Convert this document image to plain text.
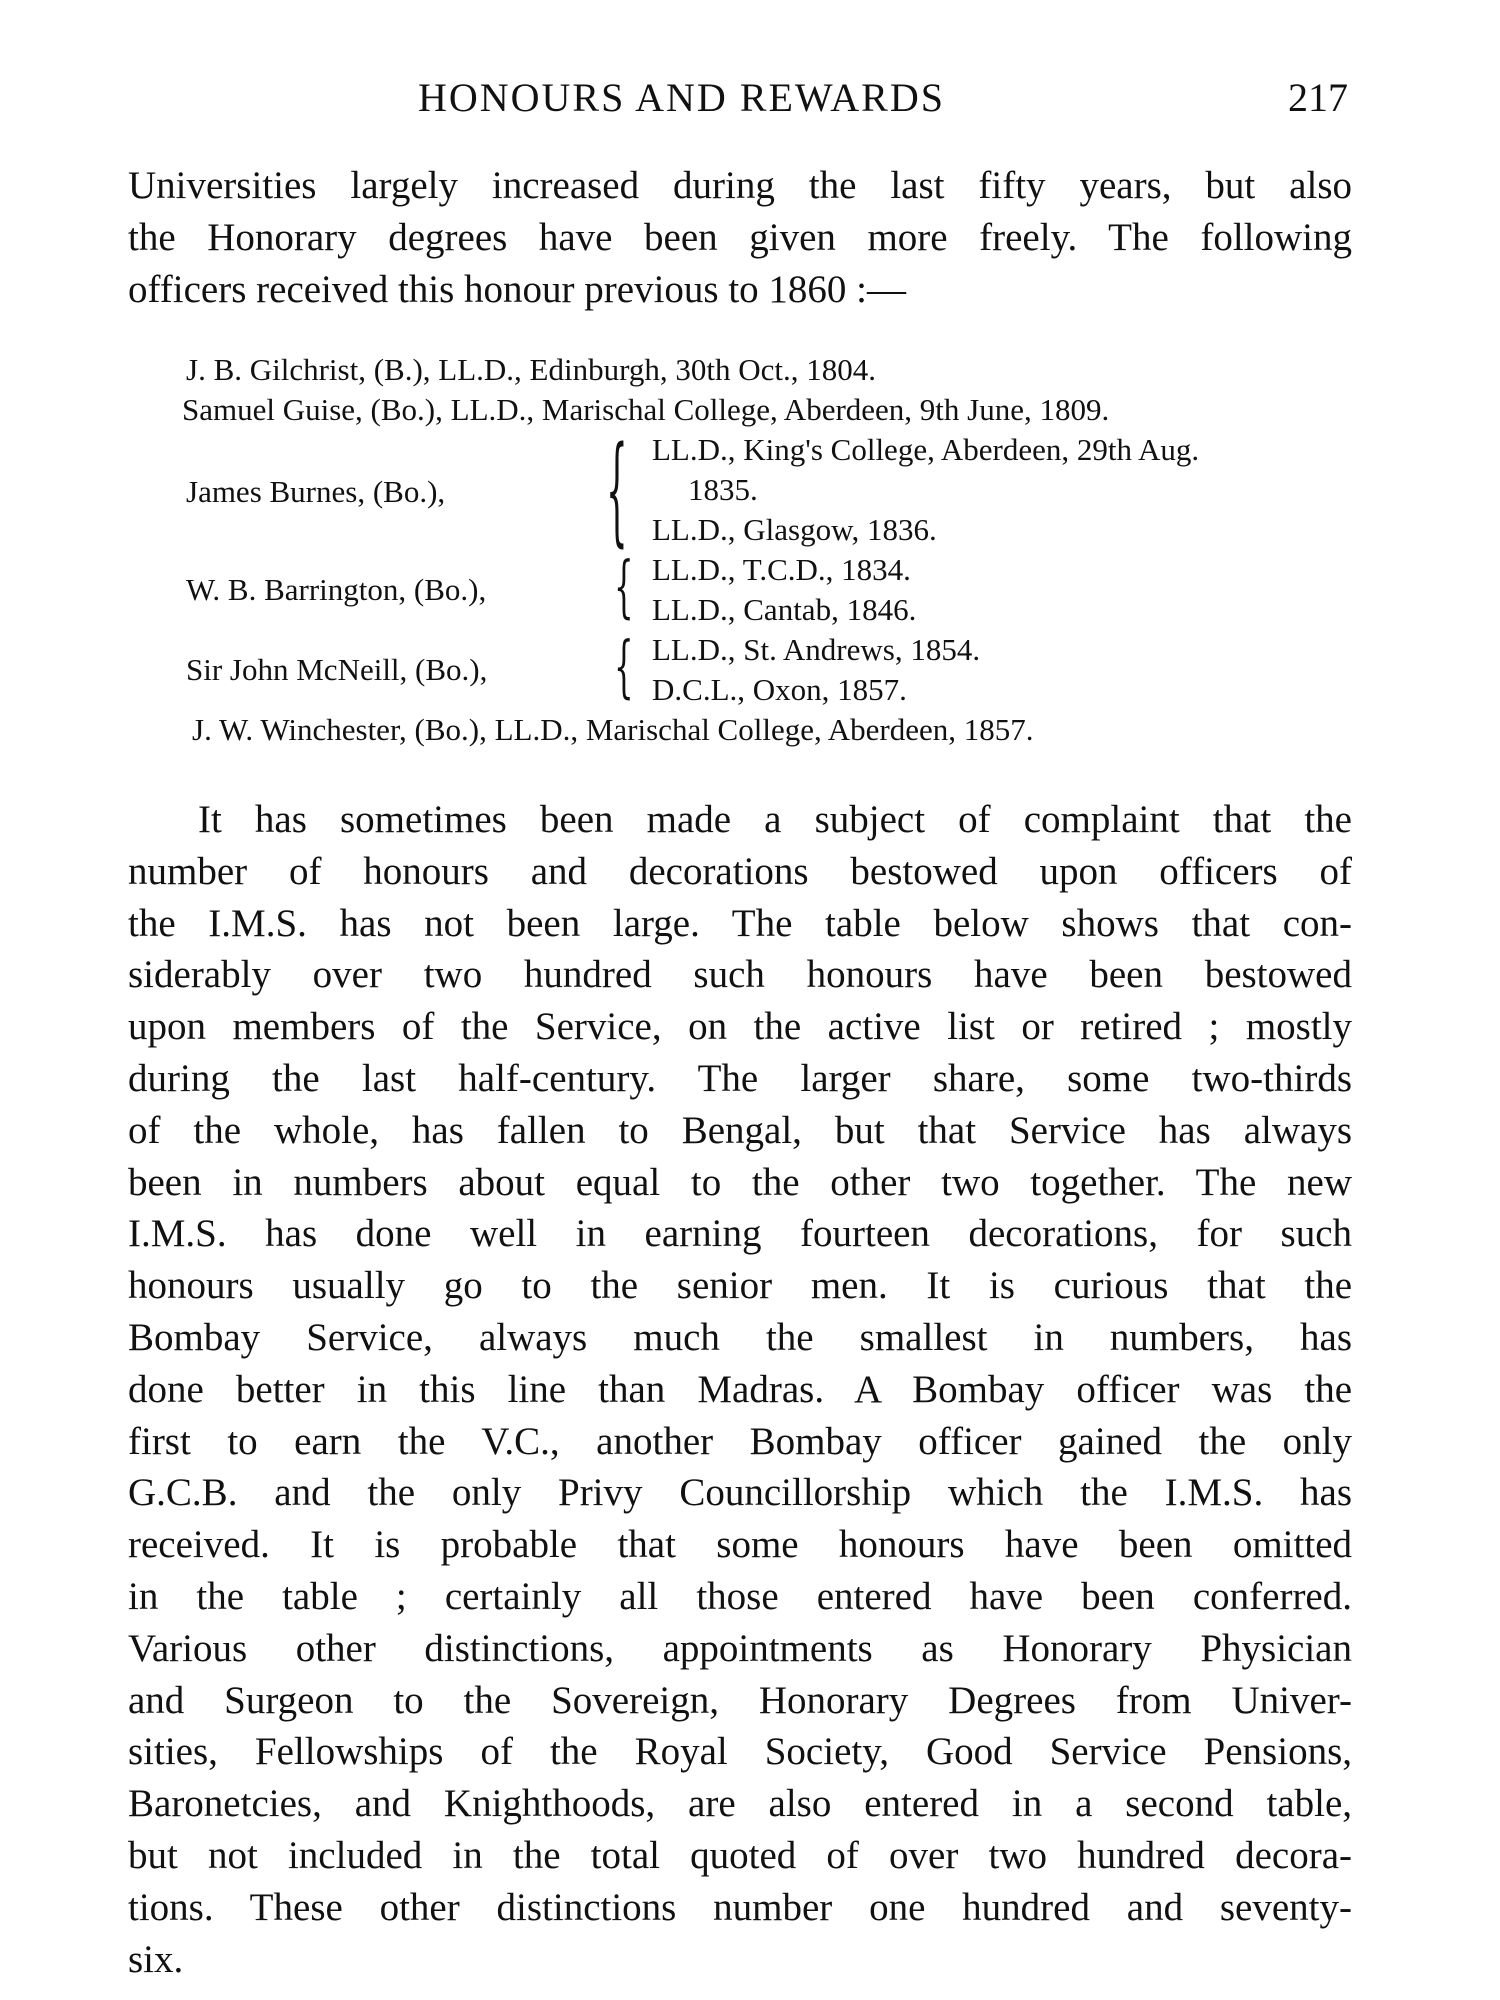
HONOURS AND REWARDS	217
Universities largely increased during the last fifty years, but also
the Honorary degrees have been given more freely. The following
officers received this honour previous to 1860 :—
J. B. Gilchrist, (B.), LL.D., Edinburgh, 30th Oct., 1804.
Samuel Guise, (Bo.), LL.D., Marischal College, Aberdeen, 9th June, 1809.
James Burnes, (Bo.),	{ LL.D., King's College, Aberdeen, 29th Aug.
1835.
LL.D., Glasgow, 1836.
W. B. Barrington, (Bo.), { LL.D., T.C.D., 1834.
LL.D., Cantab, 1846.
Sir John McNeill, (Bo.), { LL.D., St. Andrews, 1854.
D.C.L., Oxon, 1857.
J. W. Winchester, (Bo.), LL.D., Marischal College, Aberdeen, 1857.
It has sometimes been made a subject of complaint that the
number of honours and decorations bestowed upon officers of
the I.M.S. has not been large. The table below shows that con-
siderably over two hundred such honours have been bestowed
upon members of the Service, on the active list or retired ; mostly
during the last half-century. The larger share, some two-thirds
of the whole, has fallen to Bengal, but that Service has always
been in numbers about equal to the other two together. The new
I.M.S. has done well in earning fourteen decorations, for such
honours usually go to the senior men. It is curious that the
Bombay Service, always much the smallest in numbers, has
done better in this line than Madras. A Bombay officer was the
first to earn the V.C., another Bombay officer gained the only
G.C.B. and the only Privy Councillorship which the I.M.S. has
received. It is probable that some honours have been omitted
in the table ; certainly all those entered have been conferred.
Various other distinctions, appointments as Honorary Physician
and Surgeon to the Sovereign, Honorary Degrees from Univer-
sities, Fellowships of the Royal Society, Good Service Pensions,
Baronetcies, and Knighthoods, are also entered in a second table,
but not included in the total quoted of over two hundred decora-
tions. These other distinctions number one hundred and seventy-
six.
